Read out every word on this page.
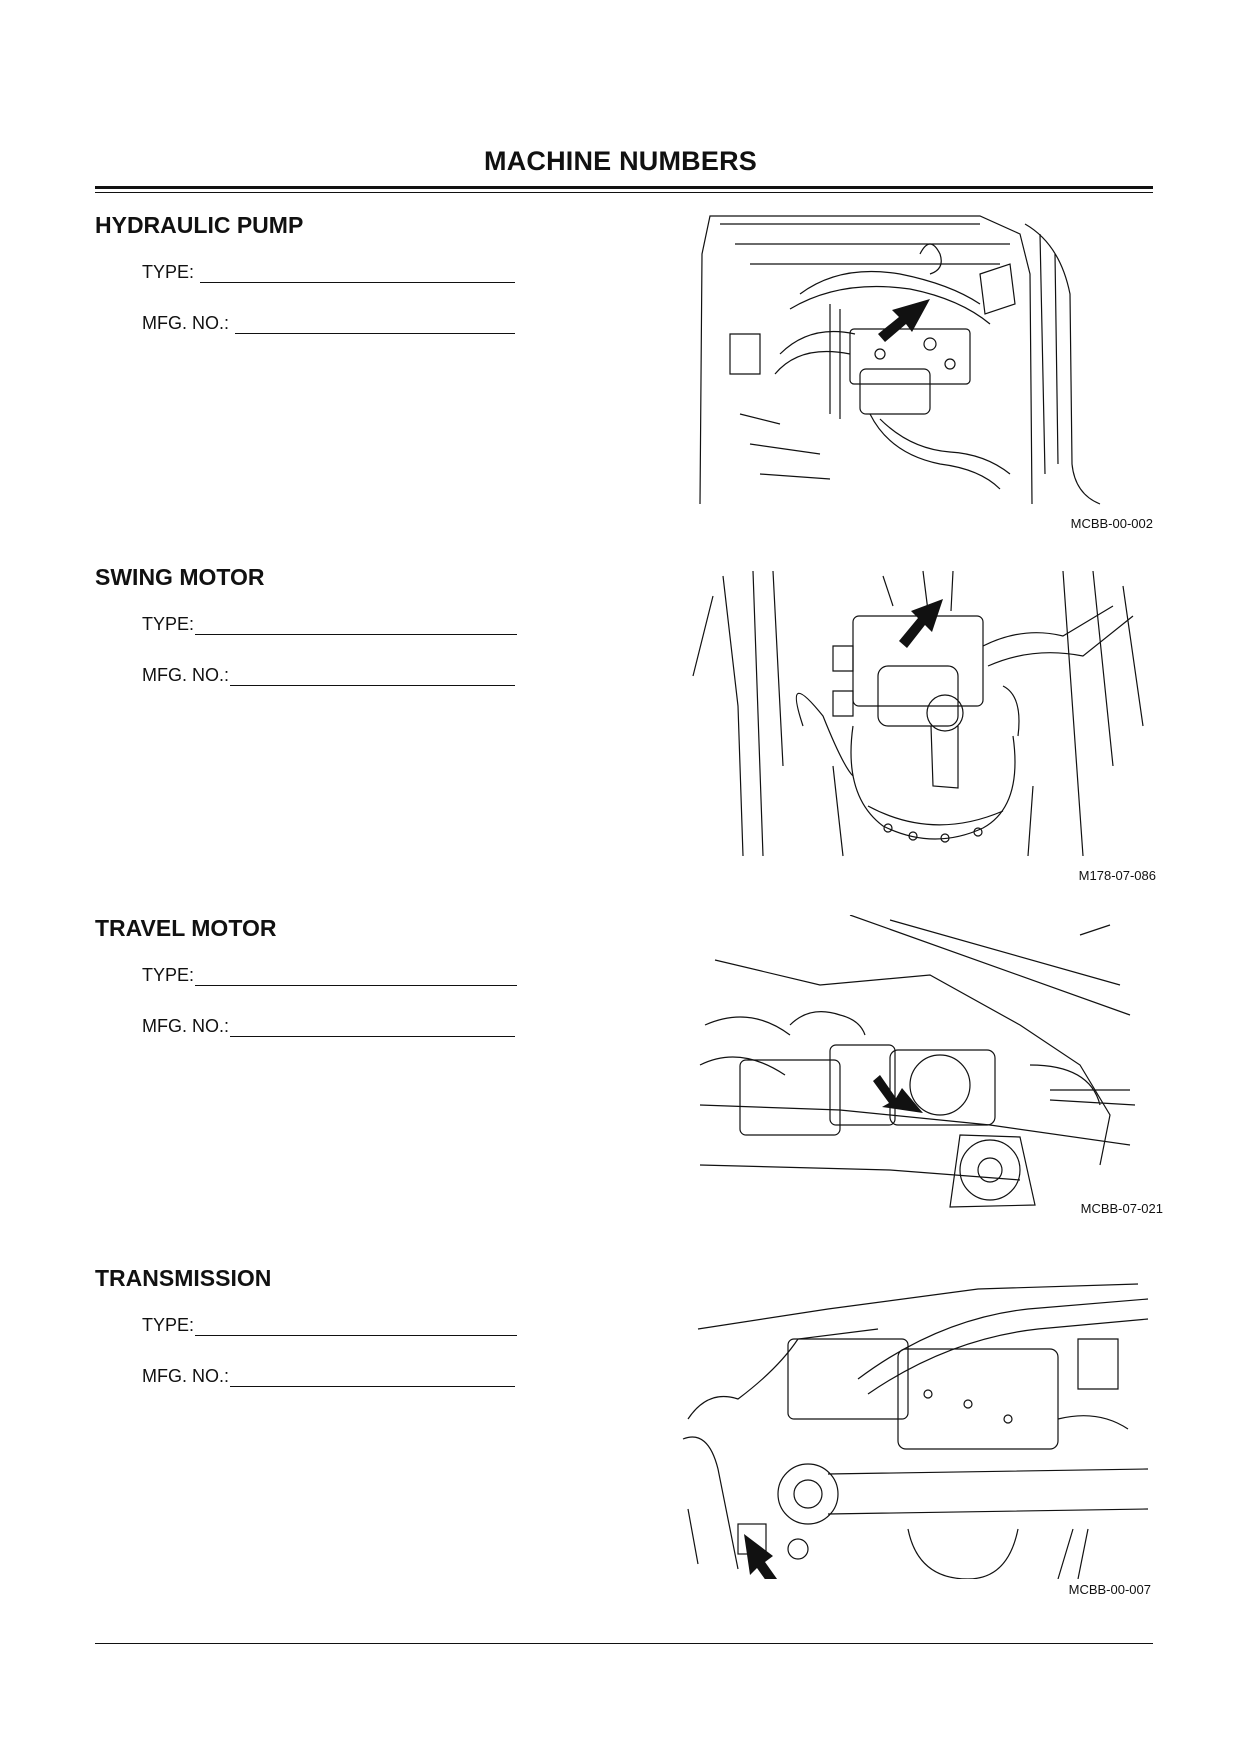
MACHINE NUMBERS
HYDRAULIC PUMP
TYPE:
MFG. NO.:
MCBB-00-002
SWING MOTOR
TYPE:
MFG. NO.:
M178-07-086
TRAVEL MOTOR
TYPE:
MFG. NO.:
MCBB-07-021
TRANSMISSION
TYPE:
MFG. NO.:
MCBB-00-007
